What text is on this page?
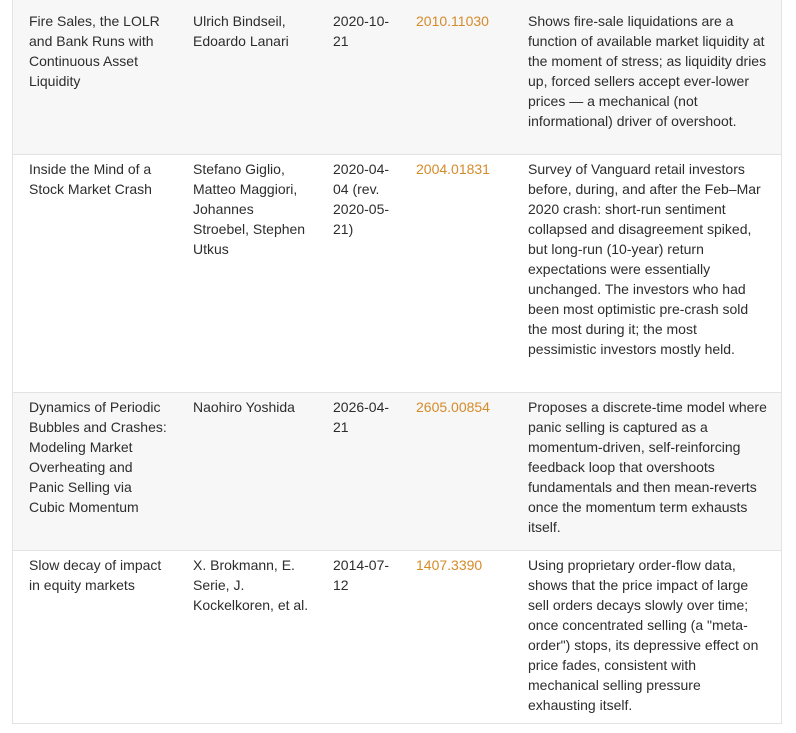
Fire Sales, the LOLR and Bank Runs with Continuous Asset Liquidity	Ulrich Bindseil, Edoardo Lanari	2020-10-21	2010.11030	Shows fire-sale liquidations are a function of available market liquidity at the moment of stress; as liquidity dries up, forced sellers accept ever-lower prices — a mechanical (not informational) driver of overshoot.
Inside the Mind of a Stock Market Crash	Stefano Giglio, Matteo Maggiori, Johannes Stroebel, Stephen Utkus	2020-04-04 (rev. 2020-05-21)	2004.01831	Survey of Vanguard retail investors before, during, and after the Feb–Mar 2020 crash: short-run sentiment collapsed and disagreement spiked, but long-run (10-year) return expectations were essentially unchanged. The investors who had been most optimistic pre-crash sold the most during it; the most pessimistic investors mostly held.
Dynamics of Periodic Bubbles and Crashes: Modeling Market Overheating and Panic Selling via Cubic Momentum	Naohiro Yoshida	2026-04-21	2605.00854	Proposes a discrete-time model where panic selling is captured as a momentum-driven, self-reinforcing feedback loop that overshoots fundamentals and then mean-reverts once the momentum term exhausts itself.
Slow decay of impact in equity markets	X. Brokmann, E. Serie, J. Kockelkoren, et al.	2014-07-12	1407.3390	Using proprietary order-flow data, shows that the price impact of large sell orders decays slowly over time; once concentrated selling (a "meta-order") stops, its depressive effect on price fades, consistent with mechanical selling pressure exhausting itself.
